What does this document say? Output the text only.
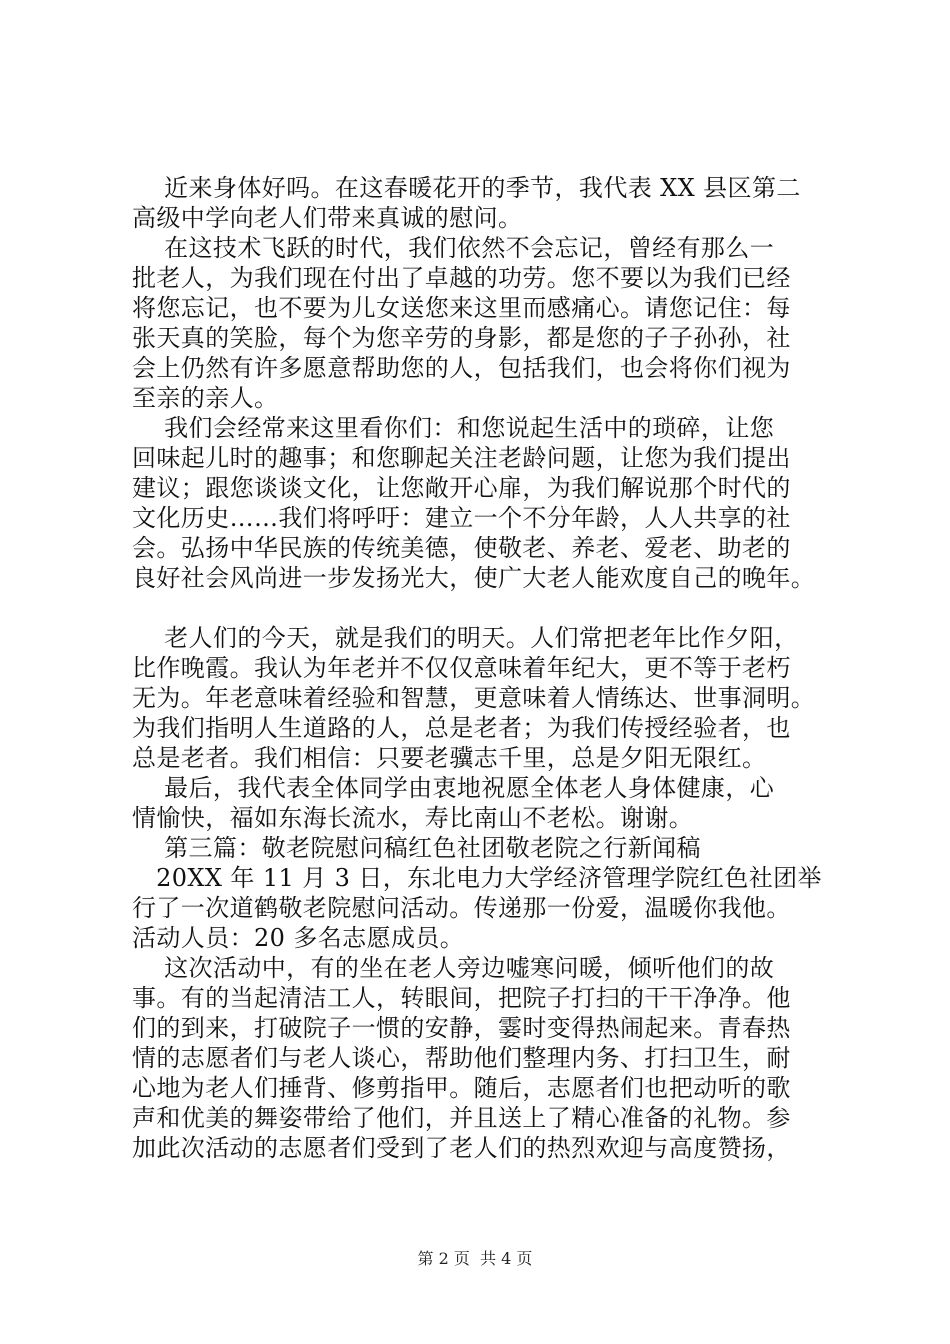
近来身体好吗。在这春暖花开的季节，我代表 XX 县区第二
高级中学向老人们带来真诚的慰问。
在这技术飞跃的时代，我们依然不会忘记，曾经有那么一
批老人，为我们现在付出了卓越的功劳。您不要以为我们已经
将您忘记，也不要为儿女送您来这里而感痛心。请您记住：每
张天真的笑脸，每个为您辛劳的身影，都是您的子子孙孙，社
会上仍然有许多愿意帮助您的人，包括我们，也会将你们视为
至亲的亲人。
我们会经常来这里看你们：和您说起生活中的琐碎，让您
回味起儿时的趣事；和您聊起关注老龄问题，让您为我们提出
建议；跟您谈谈文化，让您敞开心扉，为我们解说那个时代的
文化历史……我们将呼吁：建立一个不分年龄，人人共享的社
会。弘扬中华民族的传统美德，使敬老、养老、爱老、助老的
良好社会风尚进一步发扬光大，使广大老人能欢度自己的晚年。
老人们的今天，就是我们的明天。人们常把老年比作夕阳，
比作晚霞。我认为年老并不仅仅意味着年纪大，更不等于老朽
无为。年老意味着经验和智慧，更意味着人情练达、世事洞明。
为我们指明人生道路的人，总是老者；为我们传授经验者，也
总是老者。我们相信：只要老骥志千里，总是夕阳无限红。
最后，我代表全体同学由衷地祝愿全体老人身体健康，心
情愉快，福如东海长流水，寿比南山不老松。谢谢。
第三篇：敬老院慰问稿红色社团敬老院之行新闻稿
20XX 年 11 月 3 日，东北电力大学经济管理学院红色社团举
行了一次道鹤敬老院慰问活动。传递那一份爱，温暖你我他。
活动人员：20 多名志愿成员。
这次活动中，有的坐在老人旁边嘘寒问暖，倾听他们的故
事。有的当起清洁工人，转眼间，把院子打扫的干干净净。他
们的到来，打破院子一惯的安静，霎时变得热闹起来。青春热
情的志愿者们与老人谈心，帮助他们整理内务、打扫卫生，耐
心地为老人们捶背、修剪指甲。随后，志愿者们也把动听的歌
声和优美的舞姿带给了他们，并且送上了精心准备的礼物。参
加此次活动的志愿者们受到了老人们的热烈欢迎与高度赞扬，
第 2 页  共 4 页
